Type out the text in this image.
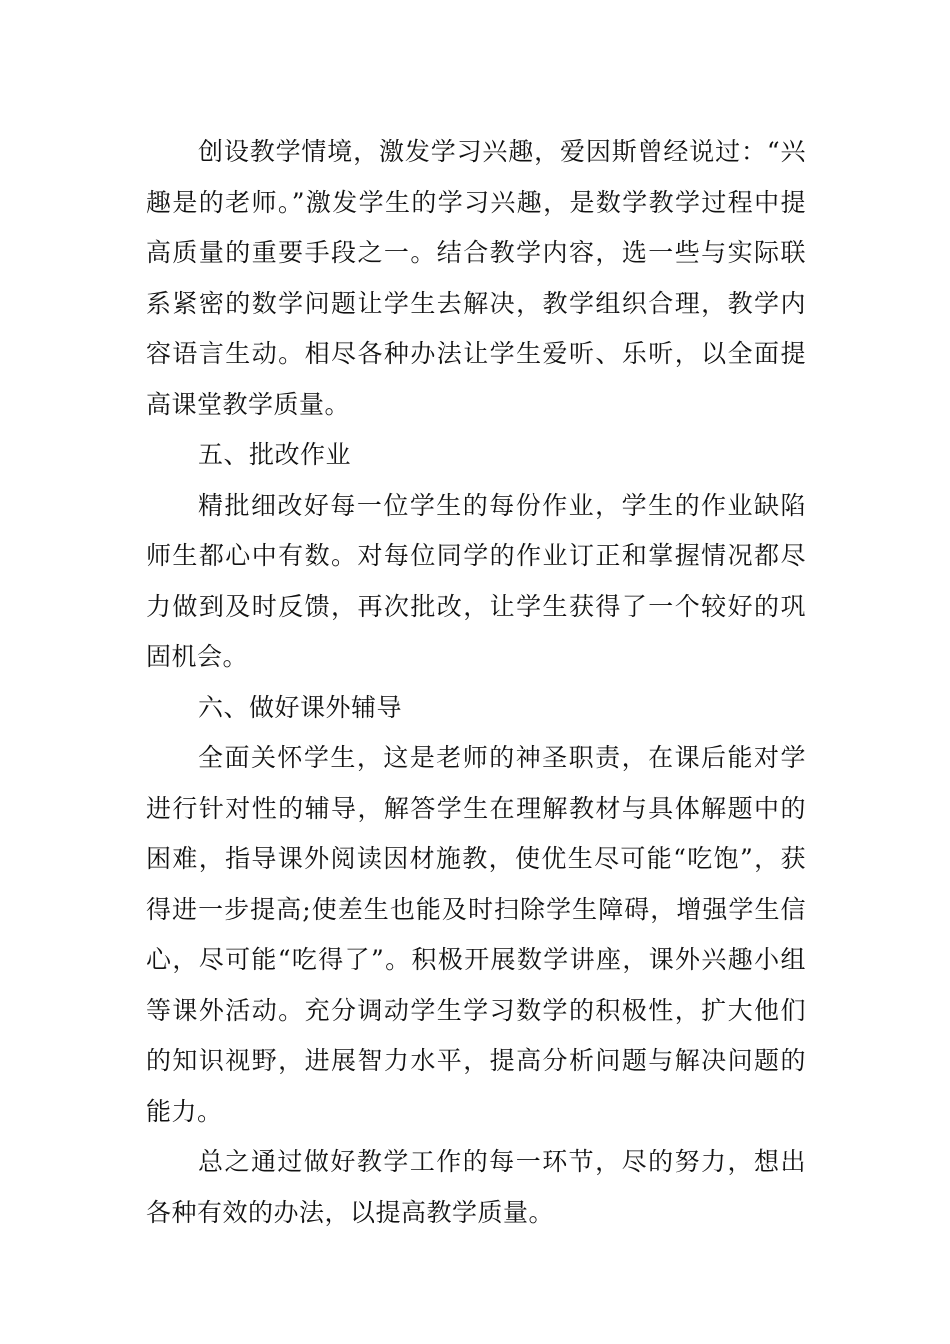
创设教学情境，激发学习兴趣，爱因斯曾经说过：“兴趣是的老师。”激发学生的学习兴趣，是数学教学过程中提高质量的重要手段之一。结合教学内容，选一些与实际联系紧密的数学问题让学生去解决，教学组织合理，教学内容语言生动。相尽各种办法让学生爱听、乐听，以全面提高课堂教学质量。

五、批改作业

精批细改好每一位学生的每份作业，学生的作业缺陷师生都心中有数。对每位同学的作业订正和掌握情况都尽力做到及时反馈，再次批改，让学生获得了一个较好的巩固机会。

六、做好课外辅导

全面关怀学生，这是老师的神圣职责，在课后能对学进行针对性的辅导，解答学生在理解教材与具体解题中的困难，指导课外阅读因材施教，使优生尽可能“吃饱”，获得进一步提高;使差生也能及时扫除学生障碍，增强学生信心，尽可能“吃得了”。积极开展数学讲座，课外兴趣小组等课外活动。充分调动学生学习数学的积极性，扩大他们的知识视野，进展智力水平，提高分析问题与解决问题的能力。

总之通过做好教学工作的每一环节，尽的努力，想出各种有效的办法，以提高教学质量。
